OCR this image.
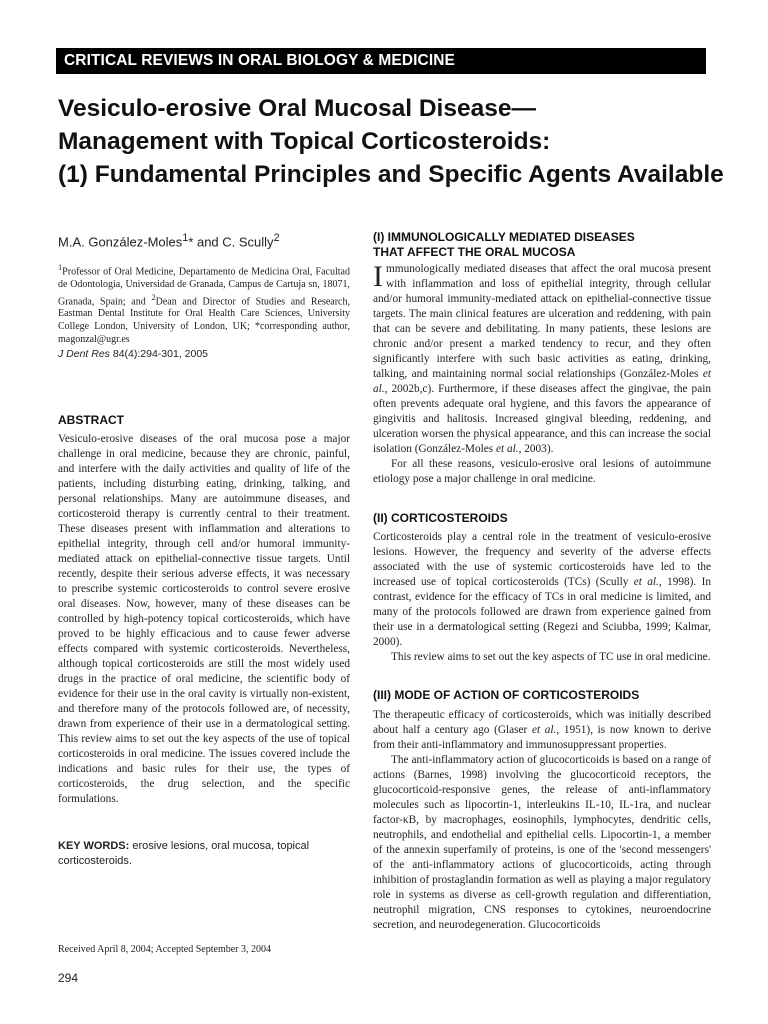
CRITICAL REVIEWS IN ORAL BIOLOGY & MEDICINE
Vesiculo-erosive Oral Mucosal Disease—
Management with Topical Corticosteroids:
(1) Fundamental Principles and Specific Agents Available
M.A. González-Moles$^1$* and C. Scully$^2$
$^1$Professor of Oral Medicine, Departamento de Medicina Oral, Facultad de Odontología, Universidad de Granada, Campus de Cartuja sn, 18071, Granada, Spain; and $^2$Dean and Director of Studies and Research, Eastman Dental Institute for Oral Health Care Sciences, University College London, University of London, UK; *corresponding author, magonzal@ugr.es
J Dent Res 84(4):294-301, 2005
ABSTRACT

Vesiculo-erosive diseases of the oral mucosa pose a major challenge in oral medicine, because they are chronic, painful, and interfere with the daily activities and quality of life of the patients, including disturbing eating, drinking, talking, and personal relationships. Many are autoimmune diseases, and corticosteroid therapy is currently central to their treatment. These diseases present with inflammation and alterations to epithelial integrity, through cell and/or humoral immunity-mediated attack on epithelial-connective tissue targets. Until recently, despite their serious adverse effects, it was necessary to prescribe systemic corticosteroids to control severe erosive oral diseases. Now, however, many of these diseases can be controlled by high-potency topical corticosteroids, which have proved to be highly efficacious and to cause fewer adverse effects compared with systemic corticosteroids. Nevertheless, although topical corticosteroids are still the most widely used drugs in the practice of oral medicine, the scientific body of evidence for their use in the oral cavity is virtually non-existent, and therefore many of the protocols followed are, of necessity, drawn from experience of their use in a dermatological setting. This review aims to set out the key aspects of the use of topical corticosteroids in oral medicine. The issues covered include the indications and basic rules for their use, the types of corticosteroids, the drug selection, and the specific formulations.

KEY WORDS: erosive lesions, oral mucosa, topical corticosteroids.
Received April 8, 2004; Accepted September 3, 2004
294
(I) IMMUNOLOGICALLY MEDIATED DISEASES
THAT AFFECT THE ORAL MUCOSA

Immunologically mediated diseases that affect the oral mucosa present with inflammation and loss of epithelial integrity, through cellular and/or humoral immunity-mediated attack on epithelial-connective tissue targets. The main clinical features are ulceration and reddening, with pain that can be severe and debilitating. In many patients, these lesions are chronic and/or present a marked tendency to recur, and they often significantly interfere with such basic activities as eating, drinking, talking, and maintaining normal social relationships (González-Moles et al., 2002b,c). Furthermore, if these diseases affect the gingivae, the pain often prevents adequate oral hygiene, and this favors the appearance of gingivitis and halitosis. Increased gingival bleeding, reddening, and ulceration worsen the physical appearance, and this can increase the social isolation (González-Moles et al., 2003).

For all these reasons, vesiculo-erosive oral lesions of autoimmune etiology pose a major challenge in oral medicine.

(II) CORTICOSTEROIDS

Corticosteroids play a central role in the treatment of vesiculo-erosive lesions. However, the frequency and severity of the adverse effects associated with the use of systemic corticosteroids have led to the increased use of topical corticosteroids (TCs) (Scully et al., 1998). In contrast, evidence for the efficacy of TCs in oral medicine is limited, and many of the protocols followed are drawn from experience gained from their use in a dermatological setting (Regezi and Sciubba, 1999; Kalmar, 2000).

This review aims to set out the key aspects of TC use in oral medicine.

(III) MODE OF ACTION OF CORTICOSTEROIDS

The therapeutic efficacy of corticosteroids, which was initially described about half a century ago (Glaser et al., 1951), is now known to derive from their anti-inflammatory and immunosuppressant properties.

The anti-inflammatory action of glucocorticoids is based on a range of actions (Barnes, 1998) involving the glucocorticoid receptors, the glucocorticoid-responsive genes, the release of anti-inflammatory molecules such as lipocortin-1, interleukins IL-10, IL-1ra, and nuclear factor-κB, by macrophages, eosinophils, lymphocytes, dendritic cells, neutrophils, and endothelial and epithelial cells. Lipocortin-1, a member of the annexin superfamily of proteins, is one of the 'second messengers' of the anti-inflammatory actions of glucocorticoids, acting through inhibition of prostaglandin formation as well as playing a major regulatory role in systems as diverse as cell-growth regulation and differentiation, neutrophil migration, CNS responses to cytokines, neuroendocrine secretion, and neurodegeneration. Glucocorticoids
